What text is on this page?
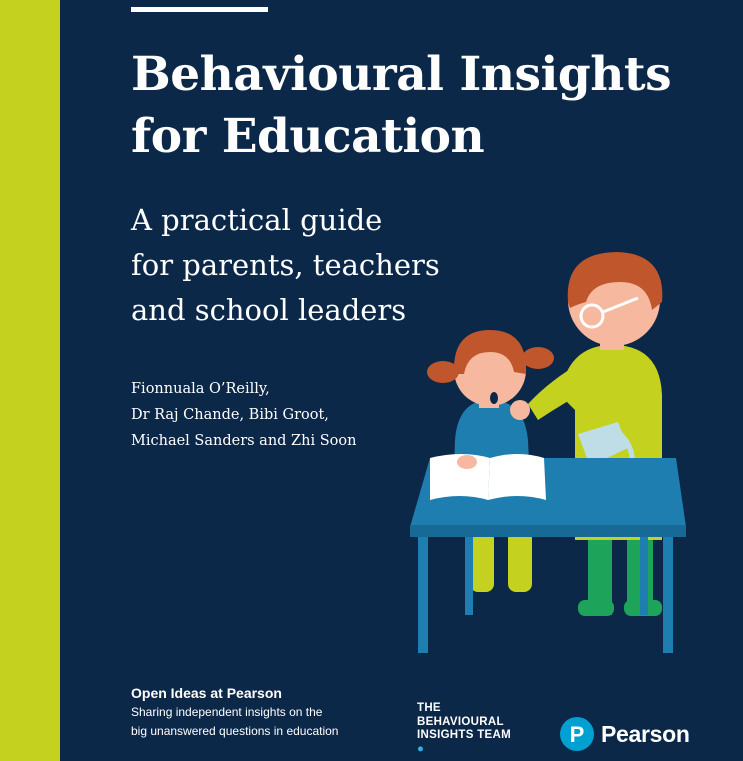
Behavioural Insights
for Education
A practical guide
for parents, teachers
and school leaders

Fionnuala O’Reilly,
Dr Raj Chande, Bibi Groot,
Michael Sanders and Zhi Soon

Open Ideas at Pearson
Sharing independent insights on the
big unanswered questions in education
THE
BEHAVIOURAL
INSIGHTS TEAM
●
P Pearson
